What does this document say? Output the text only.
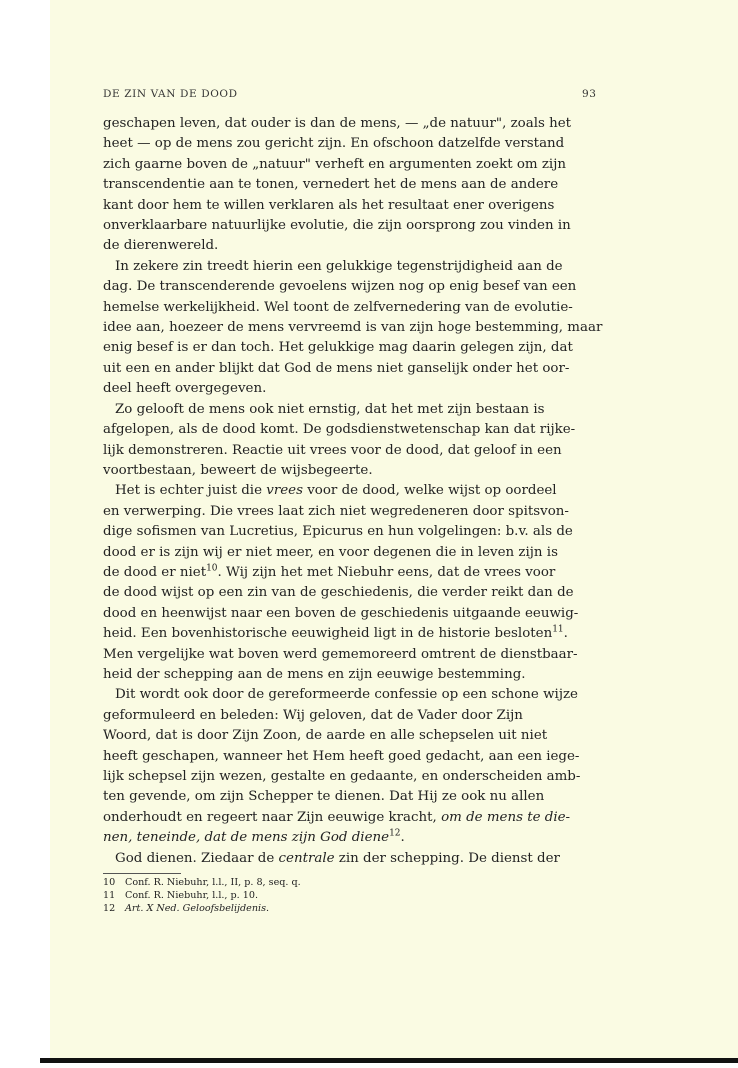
DE ZIN VAN DE DOOD	93
geschapen leven, dat ouder is dan de mens, — „de natuur", zoals het
heet — op de mens zou gericht zijn. En ofschoon datzelfde verstand
zich gaarne boven de „natuur" verheft en argumenten zoekt om zijn
transcendentie aan te tonen, vernedert het de mens aan de andere
kant door hem te willen verklaren als het resultaat ener overigens
onverklaarbare natuurlijke evolutie, die zijn oorsprong zou vinden in
de dierenwereld.
In zekere zin treedt hierin een gelukkige tegenstrijdigheid aan de
dag. De transcenderende gevoelens wijzen nog op enig besef van een
hemelse werkelijkheid. Wel toont de zelfvernedering van de evolutie-
idee aan, hoezeer de mens vervreemd is van zijn hoge bestemming, maar
enig besef is er dan toch. Het gelukkige mag daarin gelegen zijn, dat
uit een en ander blijkt dat God de mens niet ganselijk onder het oor-
deel heeft overgegeven.
Zo gelooft de mens ook niet ernstig, dat het met zijn bestaan is
afgelopen, als de dood komt. De godsdienstwetenschap kan dat rijke-
lijk demonstreren. Reactie uit vrees voor de dood, dat geloof in een
voortbestaan, beweert de wijsbegeerte.
Het is echter juist die vrees voor de dood, welke wijst op oordeel
en verwerping. Die vrees laat zich niet wegredeneren door spitsvon-
dige sofismen van Lucretius, Epicurus en hun volgelingen: b.v. als de
dood er is zijn wij er niet meer, en voor degenen die in leven zijn is
de dood er niet$^{10}$. Wij zijn het met Niebuhr eens, dat de vrees voor
de dood wijst op een zin van de geschiedenis, die verder reikt dan de
dood en heenwijst naar een boven de geschiedenis uitgaande eeuwig-
heid. Een bovenhistorische eeuwigheid ligt in de historie besloten$^{11}$.
Men vergelijke wat boven werd gememoreerd omtrent de dienstbaar-
heid der schepping aan de mens en zijn eeuwige bestemming.
Dit wordt ook door de gereformeerde confessie op een schone wijze
geformuleerd en beleden: Wij geloven, dat de Vader door Zijn
Woord, dat is door Zijn Zoon, de aarde en alle schepselen uit niet
heeft geschapen, wanneer het Hem heeft goed gedacht, aan een iege-
lijk schepsel zijn wezen, gestalte en gedaante, en onderscheiden amb-
ten gevende, om zijn Schepper te dienen. Dat Hij ze ook nu allen
onderhoudt en regeert naar Zijn eeuwige kracht, om de mens te die-
nen, teneinde, dat de mens zijn God diene$^{12}$.
God dienen. Ziedaar de centrale zin der schepping. De dienst der
10 Conf. R. Niebuhr, l.l., II, p. 8, seq. q.
11 Conf. R. Niebuhr, l.l., p. 10.
12 Art. X Ned. Geloofsbelijdenis.
